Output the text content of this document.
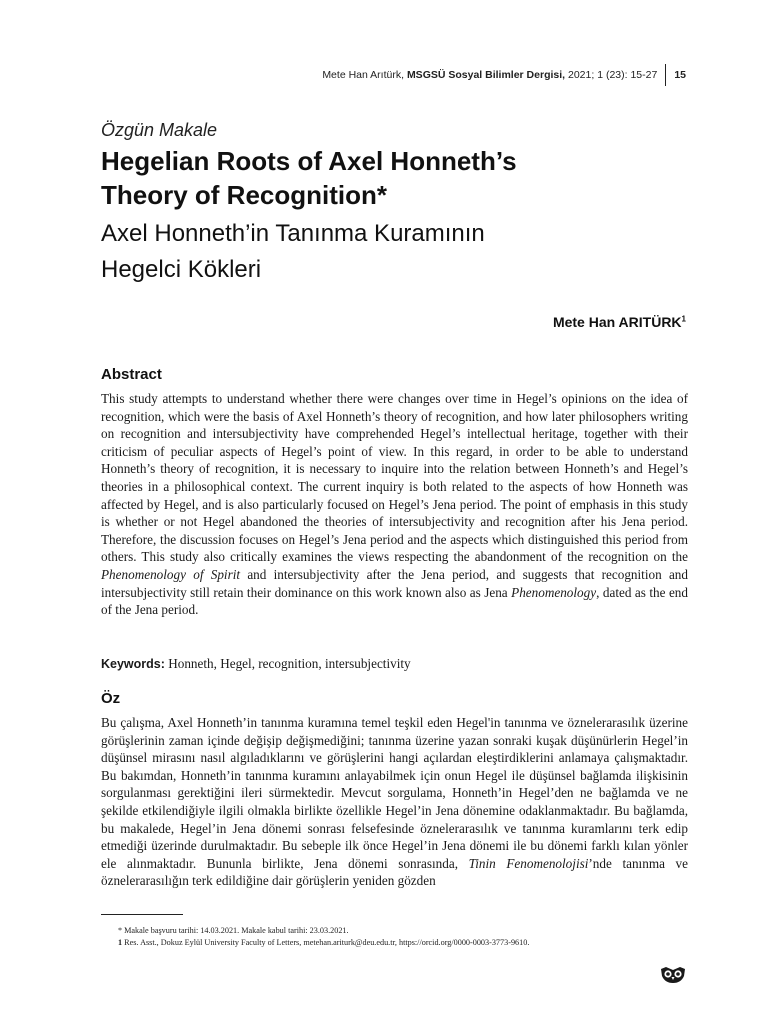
Mete Han Arıtürk,
MSGSÜ Sosyal Bilimler Dergisi,
2021; 1 (23): 15-27 15
Özgün Makale
Hegelian Roots of Axel Honneth’s
Theory of Recognition*
Axel Honneth’in Tanınma Kuramının
Hegelci Kökleri
Mete Han ARITÜRK$^1$
Abstract
This study attempts to understand whether there were changes over time in Hegel’s opinions on the idea of recognition, which were the basis of Axel Honneth’s theory of recognition, and how later philosophers writing on recognition and intersubjectivity have comprehended Hegel’s intellectual heritage, together with their criticism of peculiar aspects of Hegel’s point of view. In this regard, in order to be able to understand Honneth’s theory of recognition, it is necessary to inquire into the relation between Honneth’s and Hegel’s theories in a philosophical context. The current inquiry is both related to the aspects of how Honneth was affected by Hegel, and is also particularly focused on Hegel’s Jena period. The point of emphasis in this study is whether or not Hegel abandoned the theories of intersubjectivity and recognition after his Jena period. Therefore, the discussion focuses on Hegel’s Jena period and the aspects which distinguished this period from others. This study also critically examines the views respecting the abandonment of the recognition on the Phenomenology of Spirit and intersubjectivity after the Jena period, and suggests that recognition and intersubjectivity still retain their dominance on this work known also as Jena Phenomenology, dated as the end of the Jena period.
Keywords: Honneth, Hegel, recognition, intersubjectivity
Öz
Bu çalışma, Axel Honneth’in tanınma kuramına temel teşkil eden Hegel'in tanınma ve öznelerarasılık üzerine görüşlerinin zaman içinde değişip değişmediğini; tanınma üzerine yazan sonraki kuşak düşünürlerin Hegel’in düşünsel mirasını nasıl algıladıklarını ve görüşlerini hangi açılardan eleştirdiklerini anlamaya çalışmaktadır. Bu bakımdan, Honneth’in tanınma kuramını anlayabilmek için onun Hegel ile düşünsel bağlamda ilişkisinin sorgulanması gerektiğini ileri sürmektedir. Mevcut sorgulama, Honneth’in Hegel’den ne bağlamda ve ne şekilde etkilendiğiyle ilgili olmakla birlikte özellikle Hegel’in Jena dönemine odaklanmaktadır. Bu bağlamda, bu makalede, Hegel’in Jena dönemi sonrası felsefesinde öznelerarasılık ve tanınma kuramlarını terk edip etmediği üzerinde durulmaktadır. Bu sebeple ilk önce Hegel’in Jena dönemi ile bu dönemi farklı kılan yönler ele alınmaktadır. Bununla birlikte, Jena dönemi sonrasında, Tinin Fenomenolojisi’nde tanınma ve öznelerarasılığın terk edildiğine dair görüşlerin yeniden gözden
* Makale başvuru tarihi: 14.03.2021. Makale kabul tarihi: 23.03.2021.
1 Res. Asst., Dokuz Eylül University Faculty of Letters, metehan.ariturk@deu.edu.tr, https://orcid.org/0000-0003-3773-9610.
